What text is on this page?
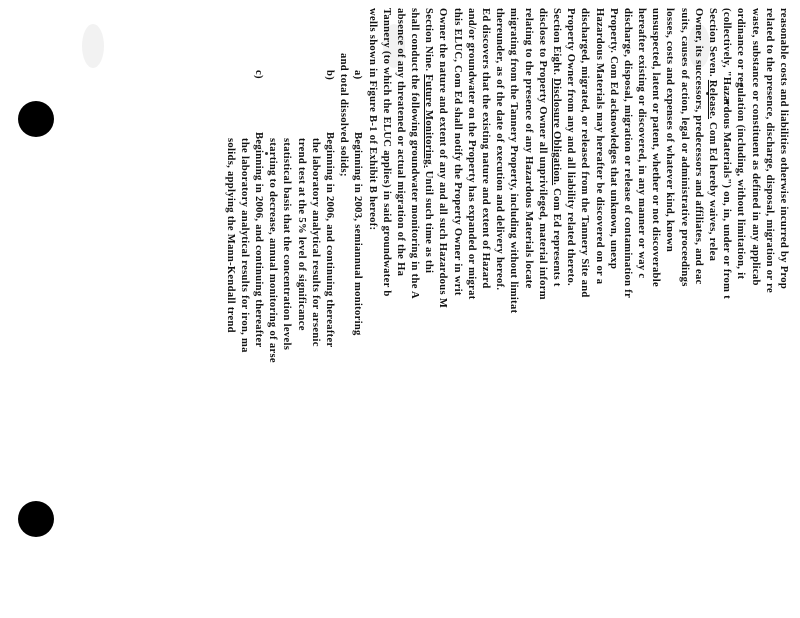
reasonable costs and liabilities otherwise incurred by Prop
related to the presence, discharge, disposal, migration or re
waste, substance or constituent as defined in any applicab
ordinance or regulation (including, without limitation, it
(collectively, "Hazardous Materials") on, in, under or from t

Section Seven. Release. Com Ed hereby waives, relea
Owner, its successors, predecessors and affiliates, and eac
suits, causes of action, legal or administrative proceedings
losses, costs and expenses of whatever kind, known
unsuspected, latent or patent, whether or not discoverable
hereafter existing or discovered, in any manner or way c
discharge, disposal, migration or release of contamination fr
Property. Com Ed acknowledges that unknown, unexp
Hazardous Materials may hereafter be discovered on or a
discharged, migrated, or released from the Tannery Site and
Property Owner from any and all liability related thereto.

Section Eight. Disclosure Obligation. Com Ed represents t
disclose to Property Owner all unprivileged, material inform
relating to the presence of any Hazardous Materials locate
migrating from the Tannery Property, including without limitat
thereunder, as of the date of execution and delivery hereof.
Ed discovers that the existing nature and extent of Hazard
and/or groundwater on the Property has expanded or migrat
this ELUC, Com Ed shall notify the Property Owner in writ
Owner the nature and extent of any and all such Hazardous M

Section Nine. Future Monitoring. Until such time as thi
shall conduct the following groundwater monitoring in the A
absence of any threatened or actual migration of the Ha
Tannery (to which the ELUC applies) in said groundwater b
wells shown in Figure B-1 of Exhibit B hereof:

a)Beginning in 2003, semiannual monitoring
and total dissolved solids;

b)Beginning in 2006, and continuing thereafter
the laboratory analytical results for arsenic
trend test at the 5% level of significance
statistical basis that the concentration levels
starting to decrease, annual monitoring of arse

c)Beginning in 2006, and continuing thereafter
the laboratory analytical results for iron, ma
solids, applying the Mann-Kendall trend
